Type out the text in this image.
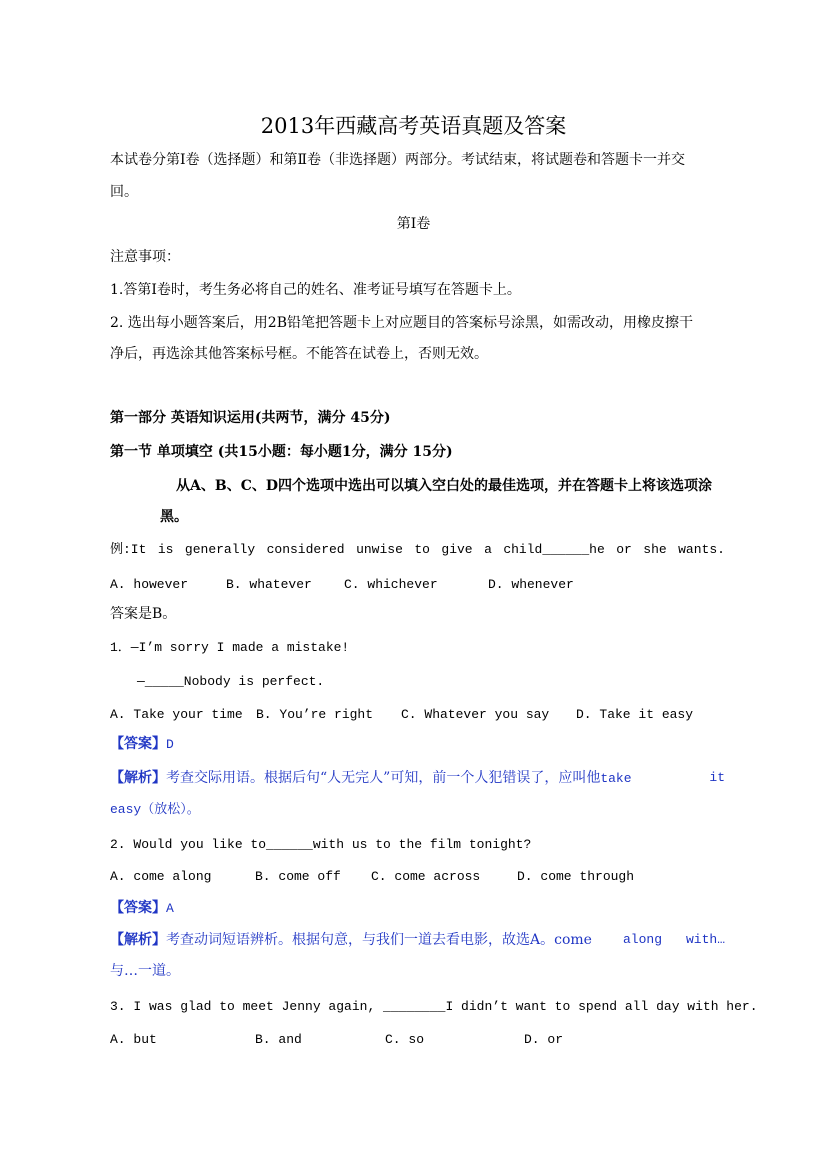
2013年西藏高考英语真题及答案
本试卷分第Ⅰ卷（选择题）和第Ⅱ卷（非选择题）两部分。考试结束，将试题卷和答题卡一并交
回。
第Ⅰ卷
注意事项：
1.答第Ⅰ卷时，考生务必将自己的姓名、准考证号填写在答题卡上。
2. 选出每小题答案后，用2B铅笔把答题卡上对应题目的答案标号涂黑，如需改动，用橡皮擦干
净后，再选涂其他答案标号框。不能答在试卷上，否则无效。
第一部分 英语知识运用(共两节，满分 45分)
第一节 单项填空 (共15小题：每小题1分，满分 15分)
从A、B、C、D四个选项中选出可以填入空白处的最佳选项，并在答题卡上将该选项涂
黑。
例:It is generally considered unwise to give a child______he or she wants.
A. however	B. whatever	C. whichever	D. whenever
答案是B。
1．—I’m sorry I made a mistake!
—_____Nobody is perfect.
A. Take your time	B. You’re right	C. Whatever you say	D. Take it easy
【答案】D
【解析】考查交际用语。根据后句“人无完人”可知，前一个人犯错误了，应叫他take	it
easy（放松）。
2. Would you like to______with us to the film tonight?
A. come along	B. come off	C. come across	D. come through
【答案】A
【解析】考查动词短语辨析。根据句意，与我们一道去看电影，故选A。come along with…
与…一道。
3. I was glad to meet Jenny again, ________I didn’t want to spend all day with her.
A. but	B. and	C. so	D. or
